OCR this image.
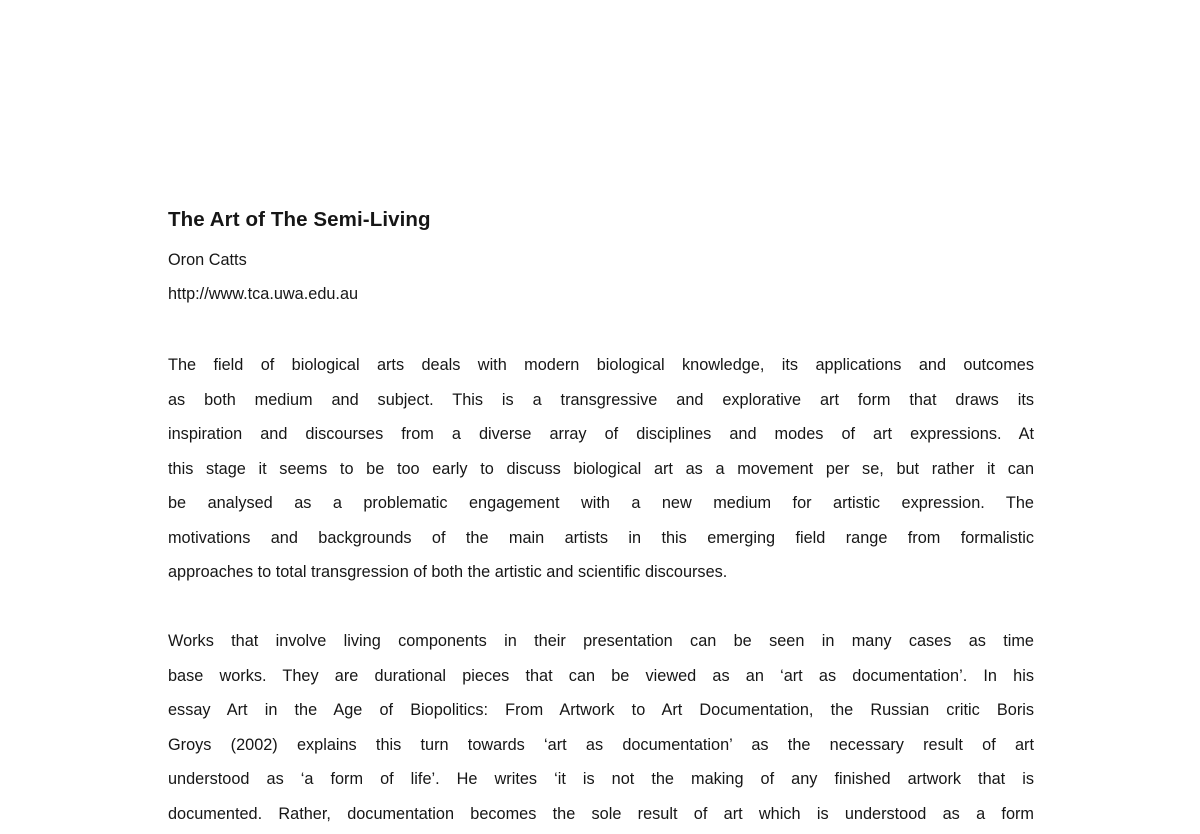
The Art of The Semi-Living
Oron Catts
http://www.tca.uwa.edu.au
The field of biological arts deals with modern biological knowledge, its applications and outcomes
as both medium and subject. This is a transgressive and explorative art form that draws its
inspiration and discourses from a diverse array of disciplines and modes of art expressions. At
this stage it seems to be too early to discuss biological art as a movement per se, but rather it can
be analysed as a problematic engagement with a new medium for artistic expression. The
motivations and backgrounds of the main artists in this emerging field range from formalistic
approaches to total transgression of both the artistic and scientific discourses.
Works that involve living components in their presentation can be seen in many cases as time
base works. They are durational pieces that can be viewed as an ‘art as documentation’. In his
essay Art in the Age of Biopolitics: From Artwork to Art Documentation, the Russian critic Boris
Groys (2002) explains this turn towards ‘art as documentation’ as the necessary result of art
understood as ‘a form of life’. He writes ‘it is not the making of any finished artwork that is
documented. Rather, documentation becomes the sole result of art which is understood as a form
